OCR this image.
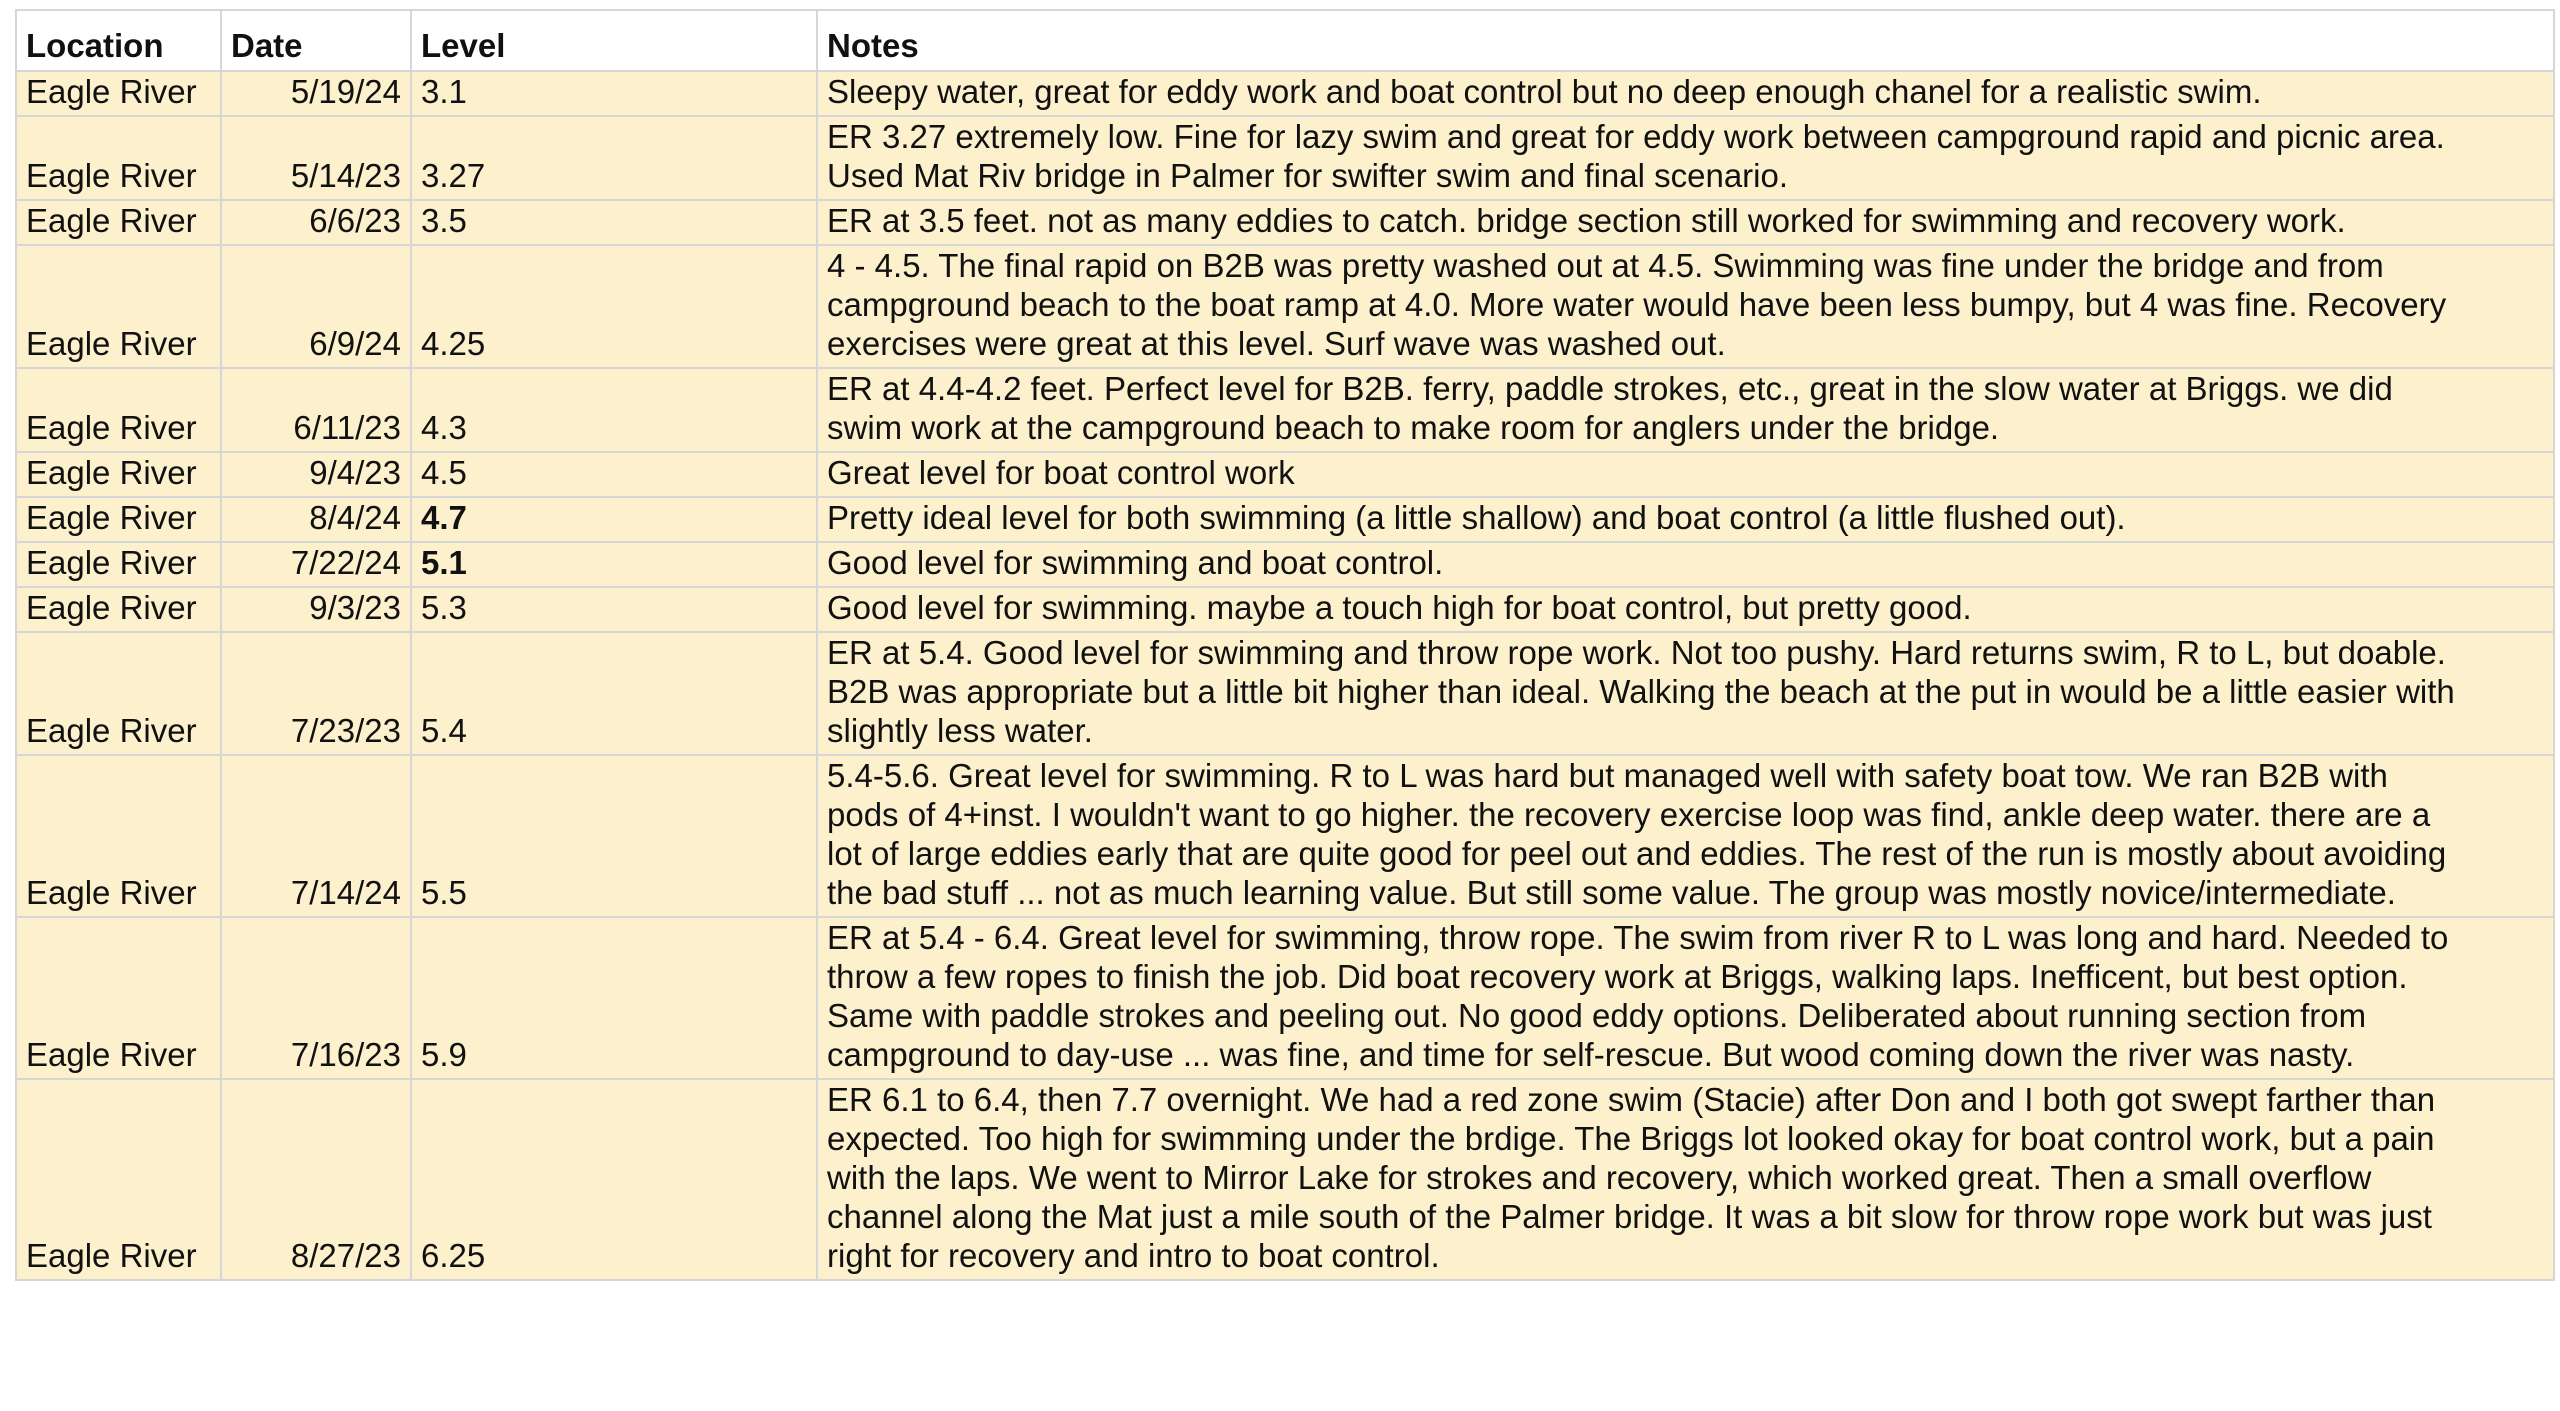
Location	Date	Level	Notes
Eagle River	5/19/24	3.1	Sleepy water, great for eddy work and boat control but no deep enough chanel for a realistic swim.

Eagle River	5/14/23	3.27	ER 3.27 extremely low. Fine for lazy swim and great for eddy work between campground rapid and picnic area.
Used Mat Riv bridge in Palmer for swifter swim and final scenario.

Eagle River	6/6/23	3.5	ER at 3.5 feet. not as many eddies to catch. bridge section still worked for swimming and recovery work.

Eagle River	6/9/24	4.25	4 - 4.5. The final rapid on B2B was pretty washed out at 4.5. Swimming was fine under the bridge and from
campground beach to the boat ramp at 4.0. More water would have been less bumpy, but 4 was fine. Recovery
exercises were great at this level. Surf wave was washed out.

Eagle River	6/11/23	4.3	ER at 4.4-4.2 feet. Perfect level for B2B. ferry, paddle strokes, etc., great in the slow water at Briggs. we did
swim work at the campground beach to make room for anglers under the bridge.

Eagle River	9/4/23	4.5	Great level for boat control work

Eagle River	8/4/24	4.7	Pretty ideal level for both swimming (a little shallow) and boat control (a little flushed out).

Eagle River	7/22/24	5.1	Good level for swimming and boat control.

Eagle River	9/3/23	5.3	Good level for swimming. maybe a touch high for boat control, but pretty good.

Eagle River	7/23/23	5.4	ER at 5.4. Good level for swimming and throw rope work. Not too pushy. Hard returns swim, R to L, but doable.
B2B was appropriate but a little bit higher than ideal. Walking the beach at the put in would be a little easier with
slightly less water.

Eagle River	7/14/24	5.5	5.4-5.6. Great level for swimming. R to L was hard but managed well with safety boat tow. We ran B2B with
pods of 4+inst. I wouldn't want to go higher. the recovery exercise loop was find, ankle deep water. there are a
lot of large eddies early that are quite good for peel out and eddies. The rest of the run is mostly about avoiding
the bad stuff ... not as much learning value. But still some value. The group was mostly novice/intermediate.

Eagle River	7/16/23	5.9	ER at 5.4 - 6.4. Great level for swimming, throw rope. The swim from river R to L was long and hard. Needed to
throw a few ropes to finish the job. Did boat recovery work at Briggs, walking laps. Inefficent, but best option.
Same with paddle strokes and peeling out. No good eddy options. Deliberated about running section from
campground to day-use ... was fine, and time for self-rescue. But wood coming down the river was nasty.

Eagle River	8/27/23	6.25	ER 6.1 to 6.4, then 7.7 overnight. We had a red zone swim (Stacie) after Don and I both got swept farther than
expected. Too high for swimming under the brdige. The Briggs lot looked okay for boat control work, but a pain
with the laps. We went to Mirror Lake for strokes and recovery, which worked great. Then a small overflow
channel along the Mat just a mile south of the Palmer bridge. It was a bit slow for throw rope work but was just
right for recovery and intro to boat control.
